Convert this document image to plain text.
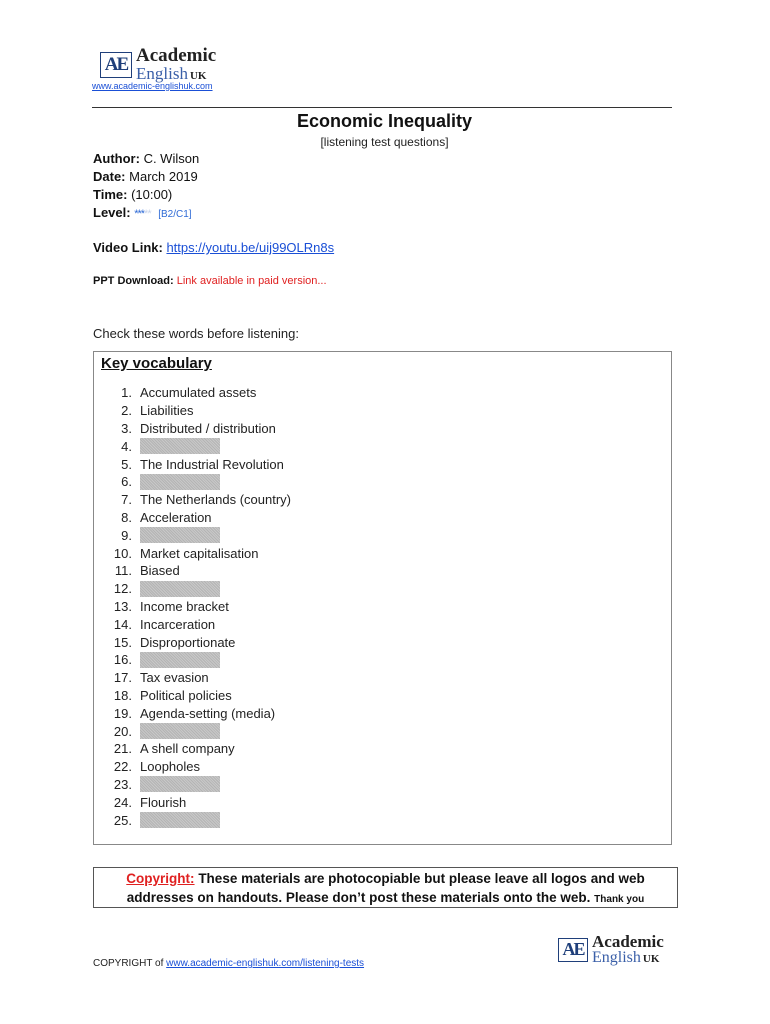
AE Academic
English UK
www.academic-englishuk.com
Economic Inequality
[listening test questions]
Author: C. Wilson
Date: March 2019
Time: (10:00)
Level: ***** [B2/C1]
Video Link: https://youtu.be/uij99OLRn8s
PPT Download: Link available in paid version...
Check these words before listening:
Key vocabulary
1. Accumulated assets
2. Liabilities
3. Distributed / distribution
4.
5. The Industrial Revolution
6.
7. The Netherlands (country)
8. Acceleration
9.
10. Market capitalisation
11. Biased
12.
13. Income bracket
14. Incarceration
15. Disproportionate
16.
17. Tax evasion
18. Political policies
19. Agenda-setting (media)
20.
21. A shell company
22. Loopholes
23.
24. Flourish
25.
Copyright: These materials are photocopiable but please leave all logos and web addresses on handouts. Please don’t post these materials onto the web. Thank you
COPYRIGHT of www.academic-englishuk.com/listening-tests
AE Academic
English UK
